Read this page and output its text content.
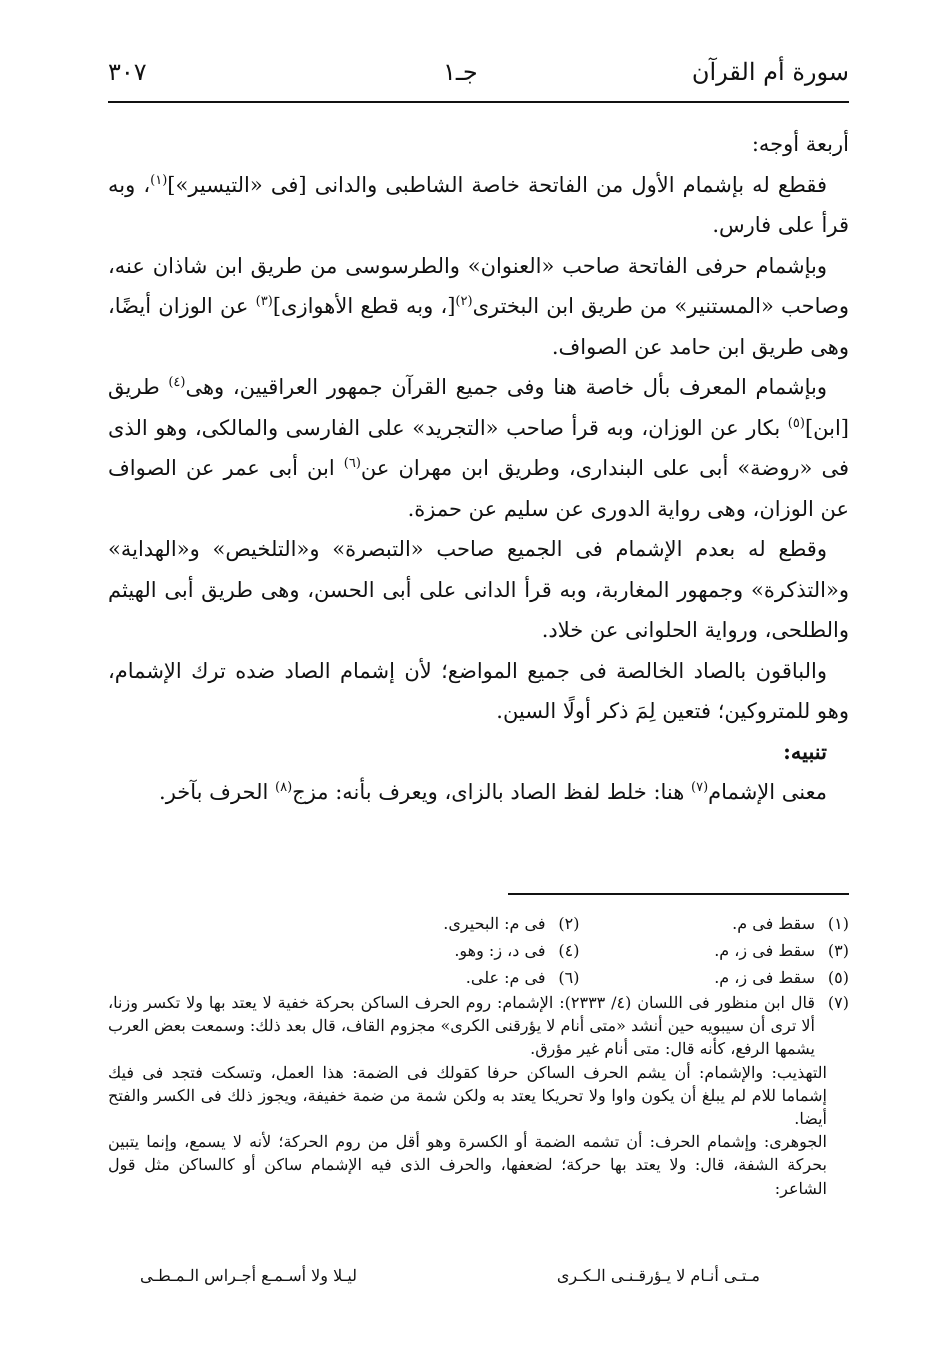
سورة أم القرآن
جـ١
٣٠٧

أربعة أوجه:

فقطع له بإشمام الأول من الفاتحة خاصة الشاطبى والدانى [فى «التيسير»]$^{(١)}$، وبه قرأ على فارس.

وبإشمام حرفى الفاتحة صاحب «العنوان» والطرسوسى من طريق ابن شاذان عنه، وصاحب «المستنير» من طريق ابن البخترى$^{(٢)}$[، وبه قطع الأهوازى]$^{(٣)}$ عن الوزان أيضًا، وهى طريق ابن حامد عن الصواف.

وبإشمام المعرف بأل خاصة هنا وفى جميع القرآن جمهور العراقيين، وهى$^{(٤)}$ طريق [ابن]$^{(٥)}$ بكار عن الوزان، وبه قرأ صاحب «التجريد» على الفارسى والمالكى، وهو الذى فى «روضة» أبى على البندارى، وطريق ابن مهران عن$^{(٦)}$ ابن أبى عمر عن الصواف عن الوزان، وهى رواية الدورى عن سليم عن حمزة.

وقطع له بعدم الإشمام فى الجميع صاحب «التبصرة» و«التلخيص» و«الهداية» و«التذكرة» وجمهور المغاربة، وبه قرأ الدانى على أبى الحسن، وهى طريق أبى الهيثم والطلحى، ورواية الحلوانى عن خلاد.

والباقون بالصاد الخالصة فى جميع المواضع؛ لأن إشمام الصاد ضده ترك الإشمام، وهو للمتروكين؛ فتعين لِمَ ذكر أولًا السين.

تنبيه:

معنى الإشمام$^{(٧)}$ هنا: خلط لفظ الصاد بالزاى، ويعرف بأنه: مزج$^{(٨)}$ الحرف بآخر.

(١)سقط فى م.
(٢)فى م: البحيرى.
(٣)سقط فى ز، م.
(٤)فى د، ز: وهو.
(٥)سقط فى ز، م.
(٦)فى م: على.
(٧)
قال ابن منظور فى اللسان (٤/ ٢٣٣٣): الإشمام: روم الحرف الساكن بحركة خفية لا يعتد بها ولا تكسر وزنا، ألا ترى أن سيبويه حين أنشد «متى أنام لا يؤرقنى الكرى» مجزوم القاف، قال بعد ذلك: وسمعت بعض العرب يشمها الرفع، كأنه قال: متى أنام غير مؤرق.

التهذيب: والإشمام: أن يشم الحرف الساكن حرفا كقولك فى الضمة: هذا العمل، وتسكت فتجد فى فيك إشماما للام لم يبلغ أن يكون واوا ولا تحريكا يعتد به ولكن شمة من ضمة خفيفة، ويجوز ذلك فى الكسر والفتح أيضا.

الجوهرى: وإشمام الحرف: أن تشمه الضمة أو الكسرة وهو أقل من روم الحركة؛ لأنه لا يسمع، وإنما يتبين بحركة الشفة، قال: ولا يعتد بها حركة؛ لضعفها، والحرف الذى فيه الإشمام ساكن أو كالساكن مثل قول الشاعر:

مـتـى أنـام لا يـؤرقـنـى الـكـرى
ليـلا ولا أسـمـع أجـراس الـمـطـى
